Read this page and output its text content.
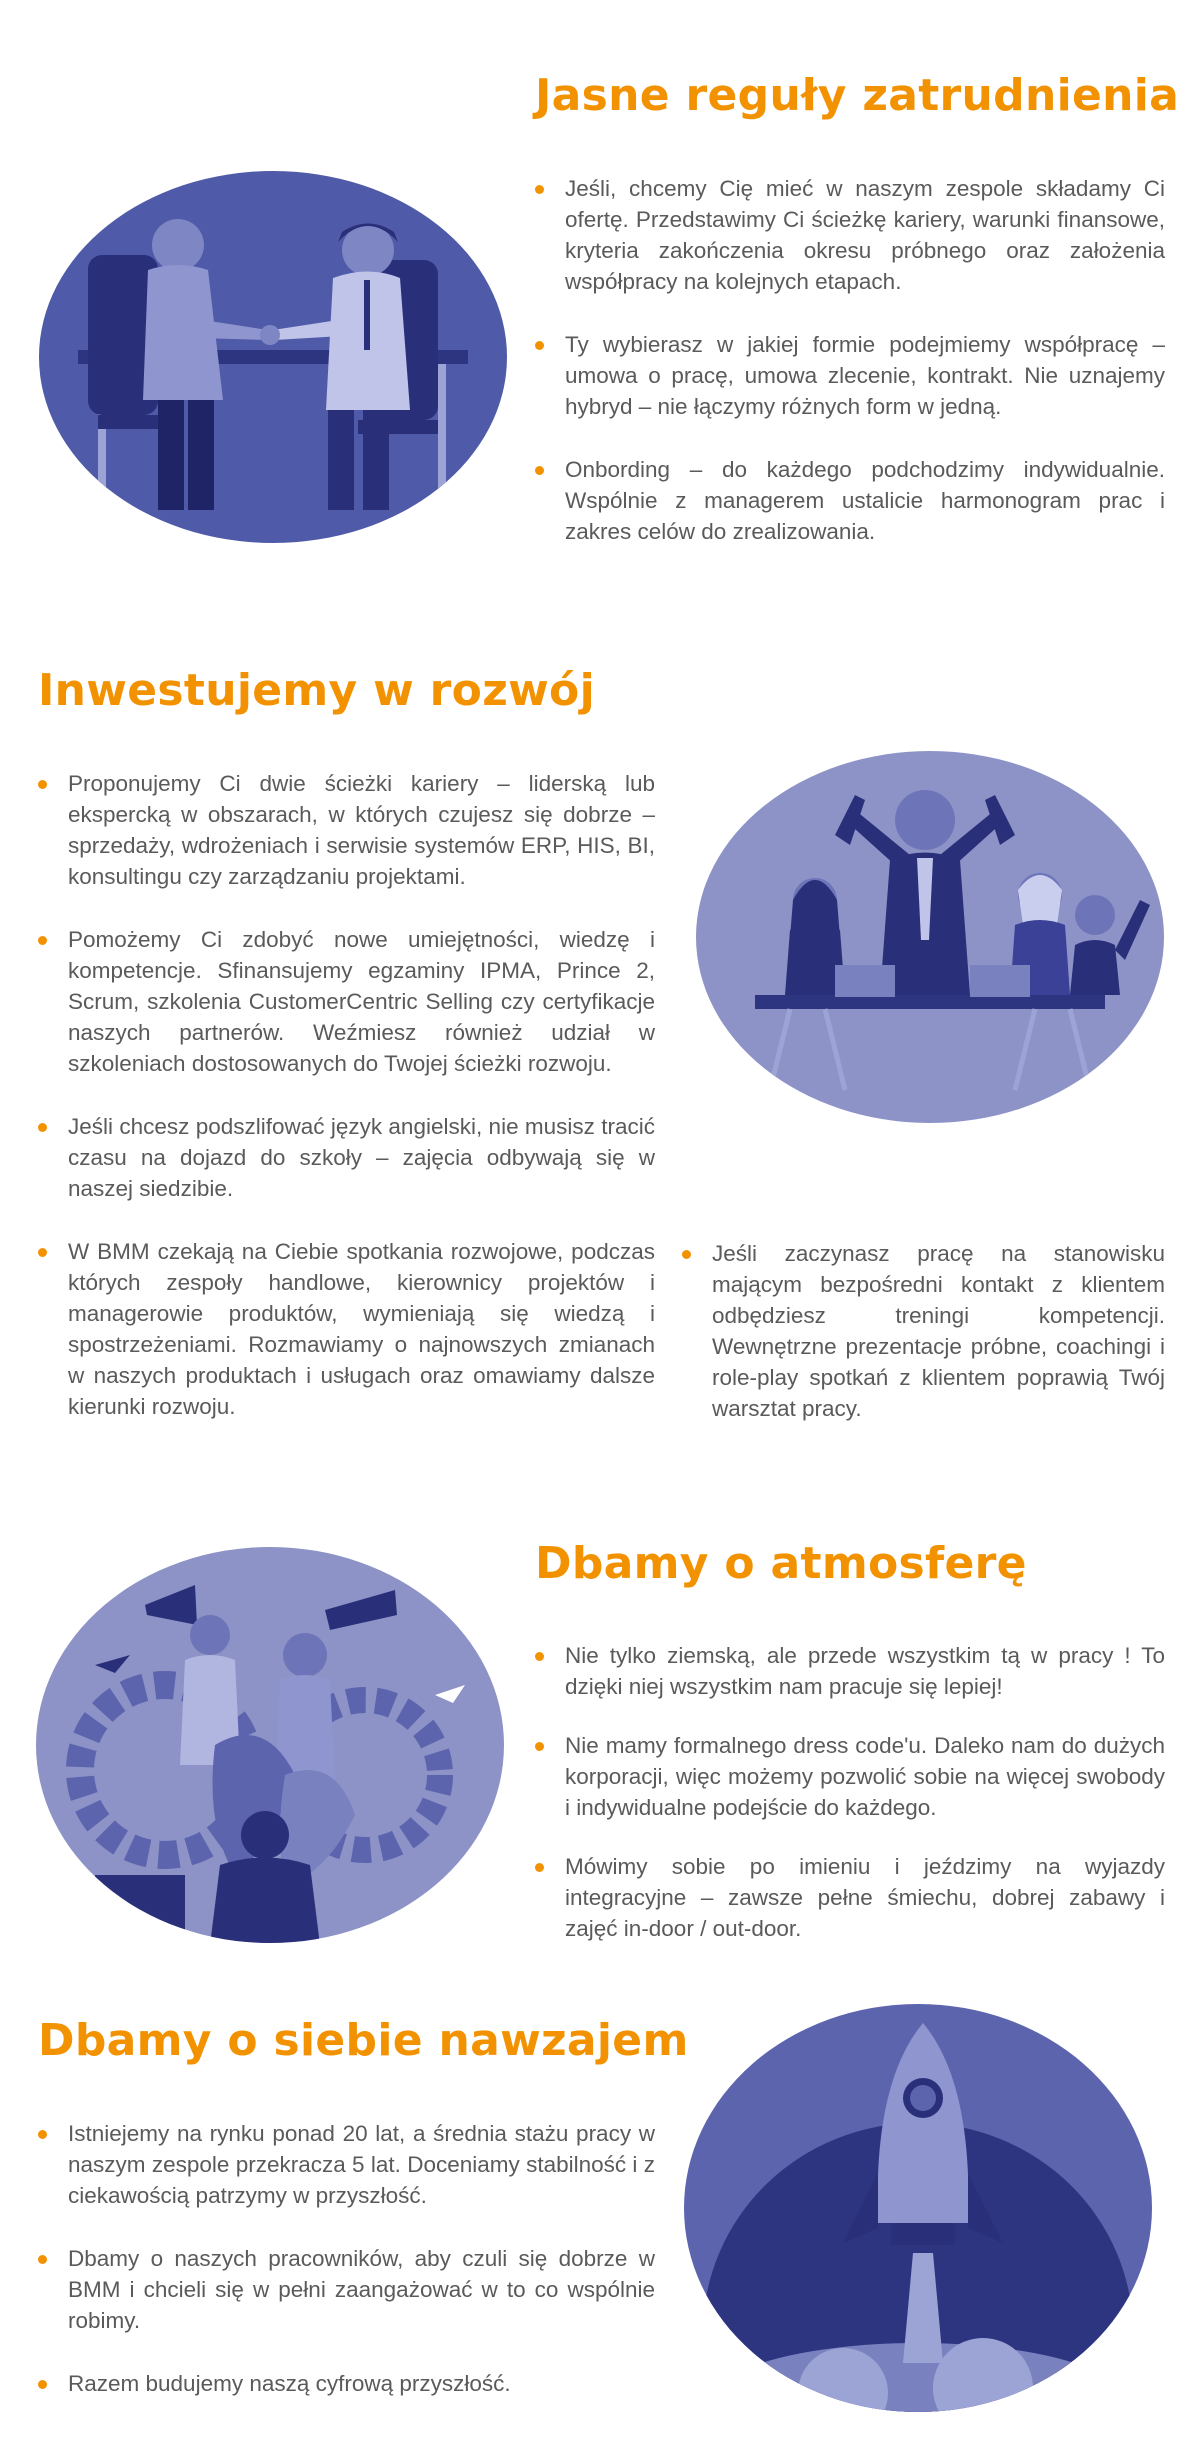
Jasne reguły zatrudnienia
Jeśli, chcemy Cię mieć w naszym zespole składamy Ci ofertę. Przedstawimy Ci ścieżkę kariery, warunki finansowe, kryteria zakończenia okresu próbnego oraz założenia współpracy na kolejnych etapach.
Ty wybierasz w jakiej formie podejmiemy współpracę – umowa o pracę, umowa zlecenie, kontrakt. Nie uznajemy hybryd – nie łączymy różnych form w jedną.
Onbording – do każdego podchodzimy indywidualnie. Wspólnie z managerem ustalicie harmonogram prac i zakres celów do zrealizowania.
Inwestujemy w rozwój
Proponujemy Ci dwie ścieżki kariery – liderską lub ekspercką w obszarach, w których czujesz się dobrze – sprzedaży, wdrożeniach i serwisie systemów ERP, HIS, BI, konsultingu czy zarządzaniu projektami.
Pomożemy Ci zdobyć nowe umiejętności, wiedzę i kompetencje. Sfinansujemy egzaminy IPMA, Prince 2, Scrum, szkolenia CustomerCentric Selling czy certyfikacje naszych partnerów. Weźmiesz również udział w szkoleniach dostosowanych do Twojej ścieżki rozwoju.
Jeśli chcesz podszlifować język angielski, nie musisz tracić czasu na dojazd do szkoły – zajęcia odbywają się w naszej siedzibie.
W BMM czekają na Ciebie spotkania rozwojowe, podczas których zespoły handlowe, kierownicy projektów i managerowie produktów, wymieniają się wiedzą i spostrzeżeniami. Rozmawiamy o najnowszych zmianach w naszych produktach i usługach oraz omawiamy dalsze kierunki rozwoju.
Jeśli zaczynasz pracę na stanowisku mającym bezpośredni kontakt z klientem odbędziesz treningi kompetencji. Wewnętrzne prezentacje próbne, coachingi i role-play spotkań z klientem poprawią Twój warsztat pracy.
Dbamy o atmosferę
Nie tylko ziemską, ale przede wszystkim tą w pracy ! To dzięki niej wszystkim nam pracuje się lepiej!
Nie mamy formalnego dress code'u. Daleko nam do dużych korporacji, więc możemy pozwolić sobie na więcej swobody i indywidualne podejście do każdego.
Mówimy sobie po imieniu i jeździmy na wyjazdy integracyjne – zawsze pełne śmiechu, dobrej zabawy i zajęć in-door / out-door.
Dbamy o siebie nawzajem
Istniejemy na rynku ponad 20 lat, a średnia stażu pracy w naszym zespole przekracza 5 lat. Doceniamy stabilność i z ciekawością patrzymy w przyszłość.
Dbamy o naszych pracowników, aby czuli się dobrze w BMM i chcieli się w pełni zaangażować w to co wspólnie robimy.
Razem budujemy naszą cyfrową przyszłość.
